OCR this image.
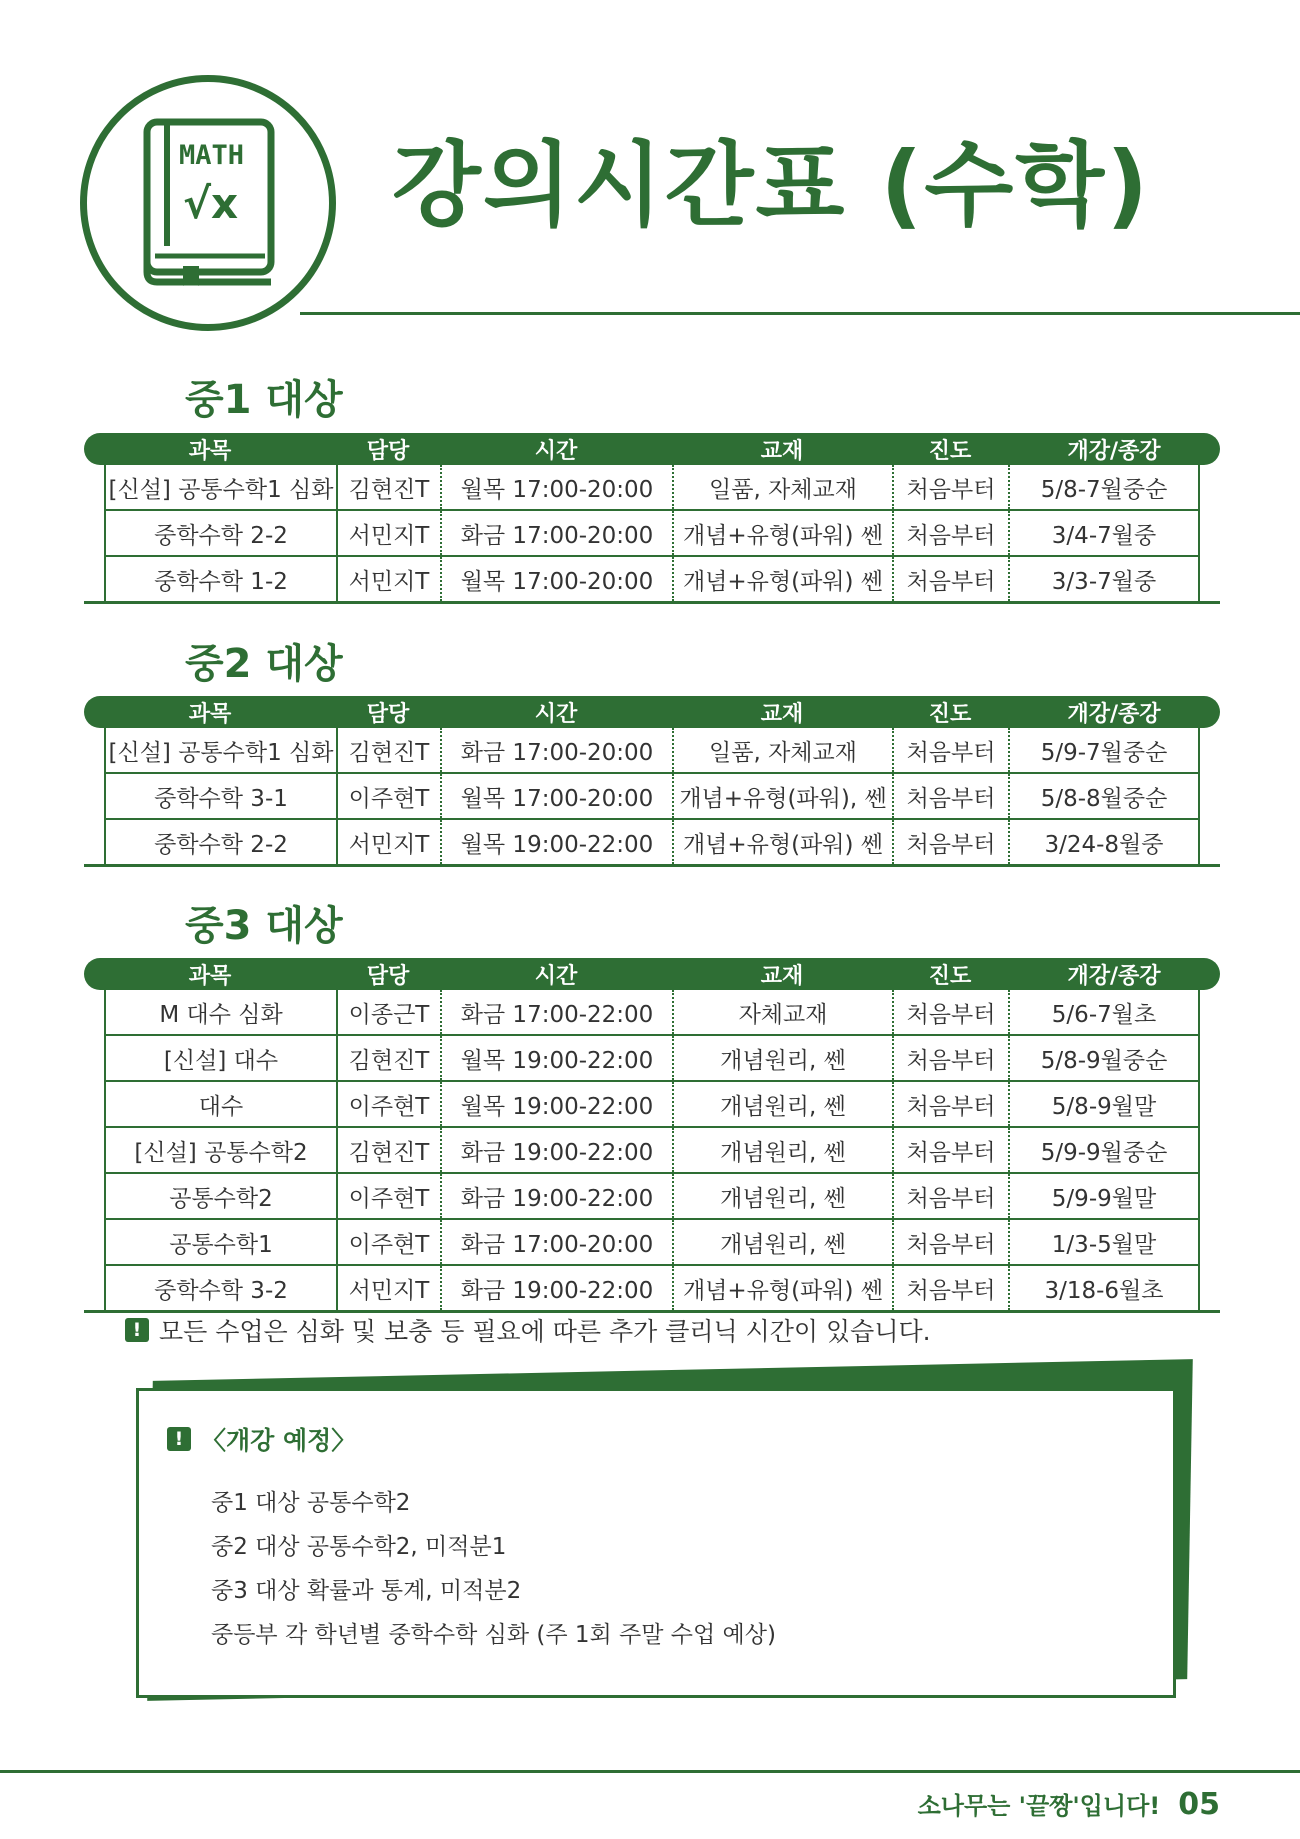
MATH
√x 강의시간표 (수학)
중1 대상
과목	담당	시간	교재	진도	개강/종강
[신설] 공통수학1 심화 김현진T	월목 17:00-20:00	일품, 자체교재	처음부터	5/8-7월중순
중학수학 2-2	서민지T	화금 17:00-20:00	개념+유형(파워) 쎈	처음부터	3/4-7월중
중학수학 1-2	서민지T	월목 17:00-20:00	개념+유형(파워) 쎈	처음부터	3/3-7월중
중2 대상
과목	담당	시간	교재	진도	개강/종강
[신설] 공통수학1 심화 김현진T	화금 17:00-20:00	일품, 자체교재	처음부터	5/9-7월중순
중학수학 3-1	이주현T	월목 17:00-20:00	개념+유형(파워), 쎈 처음부터	5/8-8월중순
중학수학 2-2	서민지T	월목 19:00-22:00	개념+유형(파워) 쎈	처음부터	3/24-8월중
중3 대상
과목	담당	시간	교재	진도	개강/종강
M 대수 심화	이종근T	화금 17:00-22:00	자체교재	처음부터	5/6-7월초
[신설] 대수	김현진T	월목 19:00-22:00	개념원리, 쎈	처음부터	5/8-9월중순
대수	이주현T	월목 19:00-22:00	개념원리, 쎈	처음부터	5/8-9월말
[신설] 공통수학2	김현진T	화금 19:00-22:00	개념원리, 쎈	처음부터	5/9-9월중순
공통수학2	이주현T	화금 19:00-22:00	개념원리, 쎈	처음부터	5/9-9월말
공통수학1	이주현T	화금 17:00-20:00	개념원리, 쎈	처음부터	1/3-5월말
중학수학 3-2	서민지T	화금 19:00-22:00	개념+유형(파워) 쎈	처음부터	3/18-6월초
! 모든 수업은 심화 및 보충 등 필요에 따른 추가 클리닉 시간이 있습니다.
! 〈개강 예정〉
중1 대상 공통수학2
중2 대상 공통수학2, 미적분1
중3 대상 확률과 통계, 미적분2
중등부 각 학년별 중학수학 심화 (주 1회 주말 수업 예상)
소나무는 '끝짱'입니다! 05
